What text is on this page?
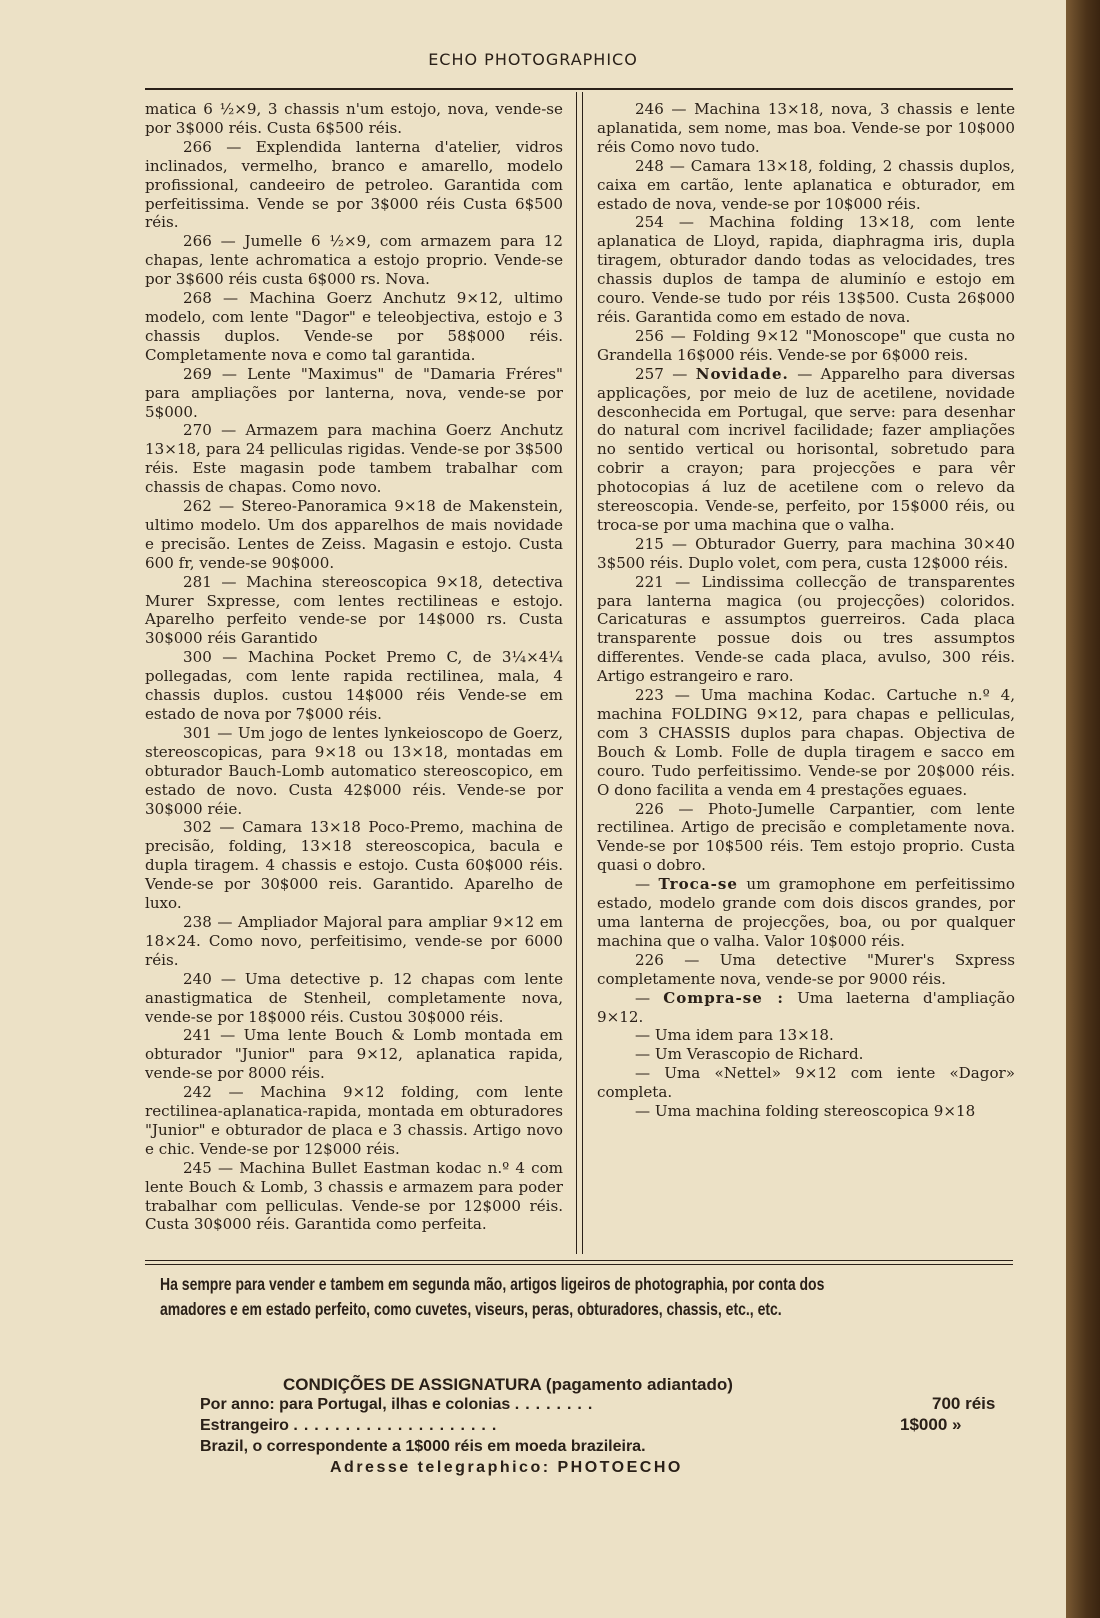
ECHO PHOTOGRAPHICO

matica 6 ½×9, 3 chassis n'um estojo, nova, vende-se por 3$000 réis. Custa 6$500 réis.

266 — Explendida lanterna d'atelier, vidros inclinados, vermelho, branco e amarello, modelo profissional, candeeiro de petroleo. Garantida com perfeitissima. Vende se por 3$000 réis Custa 6$500 réis.

266 — Jumelle 6 ½×9, com armazem para 12 chapas, lente achromatica a estojo proprio. Vende-se por 3$600 réis custa 6$000 rs. Nova.

268 — Machina Goerz Anchutz 9×12, ultimo modelo, com lente "Dagor" e teleobjectiva, estojo e 3 chassis duplos. Vende-se por 58$000 réis. Completamente nova e como tal garantida.

269 — Lente "Maximus" de "Damaria Fréres" para ampliações por lanterna, nova, vende-se por 5$000.

270 — Armazem para machina Goerz Anchutz 13×18, para 24 pelliculas rigidas. Vende-se por 3$500 réis. Este magasin pode tambem trabalhar com chassis de chapas. Como novo.

262 — Stereo-Panoramica 9×18 de Makenstein, ultimo modelo. Um dos apparelhos de mais novidade e precisão. Lentes de Zeiss. Magasin e estojo. Custa 600 fr, vende-se 90$000.

281 — Machina stereoscopica 9×18, detectiva Murer Sxpresse, com lentes rectilineas e estojo. Aparelho perfeito vende-se por 14$000 rs. Custa 30$000 réis Garantido

300 — Machina Pocket Premo C, de 3¼×4¼ pollegadas, com lente rapida rectilinea, mala, 4 chassis duplos. custou 14$000 réis Vende-se em estado de nova por 7$000 réis.

301 — Um jogo de lentes lynkeioscopo de Goerz, stereoscopicas, para 9×18 ou 13×18, montadas em obturador Bauch-Lomb automatico stereoscopico, em estado de novo. Custa 42$000 réis. Vende-se por 30$000 réie.

302 — Camara 13×18 Poco-Premo, machina de precisão, folding, 13×18 stereoscopica, bacula e dupla tiragem. 4 chassis e estojo. Custa 60$000 réis. Vende-se por 30$000 reis. Garantido. Aparelho de luxo.

238 — Ampliador Majoral para ampliar 9×12 em 18×24. Como novo, perfeitisimo, vende-se por 6000 réis.

240 — Uma detective p. 12 chapas com lente anastigmatica de Stenheil, completamente nova, vende-se por 18$000 réis. Custou 30$000 réis.

241 — Uma lente Bouch & Lomb montada em obturador "Junior" para 9×12, aplanatica rapida, vende-se por 8000 réis.

242 — Machina 9×12 folding, com lente rectilinea-aplanatica-rapida, montada em obturadores "Junior" e obturador de placa e 3 chassis. Artigo novo e chic. Vende-se por 12$000 réis.

245 — Machina Bullet Eastman kodac n.º 4 com lente Bouch & Lomb, 3 chassis e armazem para poder trabalhar com pelliculas. Vende-se por 12$000 réis. Custa 30$000 réis. Garantida como perfeita.

246 — Machina 13×18, nova, 3 chassis e lente aplanatida, sem nome, mas boa. Vende-se por 10$000 réis Como novo tudo.

248 — Camara 13×18, folding, 2 chassis duplos, caixa em cartão, lente aplanatica e obturador, em estado de nova, vende-se por 10$000 réis.

254 — Machina folding 13×18, com lente aplanatica de Lloyd, rapida, diaphragma iris, dupla tiragem, obturador dando todas as velocidades, tres chassis duplos de tampa de aluminío e estojo em couro. Vende-se tudo por réis 13$500. Custa 26$000 réis. Garantida como em estado de nova.

256 — Folding 9×12 "Monoscope" que custa no Grandella 16$000 réis. Vende-se por 6$000 reis.

257 — Novidade. — Apparelho para diversas applicações, por meio de luz de acetilene, novidade desconhecida em Portugal, que serve: para desenhar do natural com incrivel facilidade; fazer ampliações no sentido vertical ou horisontal, sobretudo para cobrir a crayon; para projecções e para vêr photocopias á luz de acetilene com o relevo da stereoscopia. Vende-se, perfeito, por 15$000 réis, ou troca-se por uma machina que o valha.

215 — Obturador Guerry, para machina 30×40 3$500 réis. Duplo volet, com pera, custa 12$000 réis.

221 — Lindissima collecção de transparentes para lanterna magica (ou projecções) coloridos. Caricaturas e assumptos guerreiros. Cada placa transparente possue dois ou tres assumptos differentes. Vende-se cada placa, avulso, 300 réis. Artigo estrangeiro e raro.

223 — Uma machina Kodac. Cartuche n.º 4, machina FOLDING 9×12, para chapas e pelliculas, com 3 CHASSIS duplos para chapas. Objectiva de Bouch & Lomb. Folle de dupla tiragem e sacco em couro. Tudo perfeitissimo. Vende-se por 20$000 réis. O dono facilita a venda em 4 prestações eguaes.

226 — Photo-Jumelle Carpantier, com lente rectilinea. Artigo de precisão e completamente nova. Vende-se por 10$500 réis. Tem estojo proprio. Custa quasi o dobro.

— Troca-se um gramophone em perfeitissimo estado, modelo grande com dois discos grandes, por uma lanterna de projecções, boa, ou por qualquer machina que o valha. Valor 10$000 réis.

226 — Uma detective "Murer's Sxpress completamente nova, vende-se por 9000 réis.

— Compra-se : Uma laeterna d'ampliação 9×12.

— Uma idem para 13×18.

— Um Verascopio de Richard.

— Uma «Nettel» 9×12 com iente «Dagor» completa.

— Uma machina folding stereoscopica 9×18

Ha sempre para vender e tambem em segunda mão, artigos ligeiros de photographia, por conta dos
amadores e em estado perfeito, como cuvetes, viseurs, peras, obturadores, chassis, etc., etc.
CONDIÇÕES DE ASSIGNATURA (pagamento adiantado)
Por anno: para Portugal, ilhas e colonias ........	700 réis
Estrangeiro ....................	1$000 »
Brazil, o correspondente a 1$000 réis em moeda brazileira.
Adresse telegraphico: PHOTOECHO
